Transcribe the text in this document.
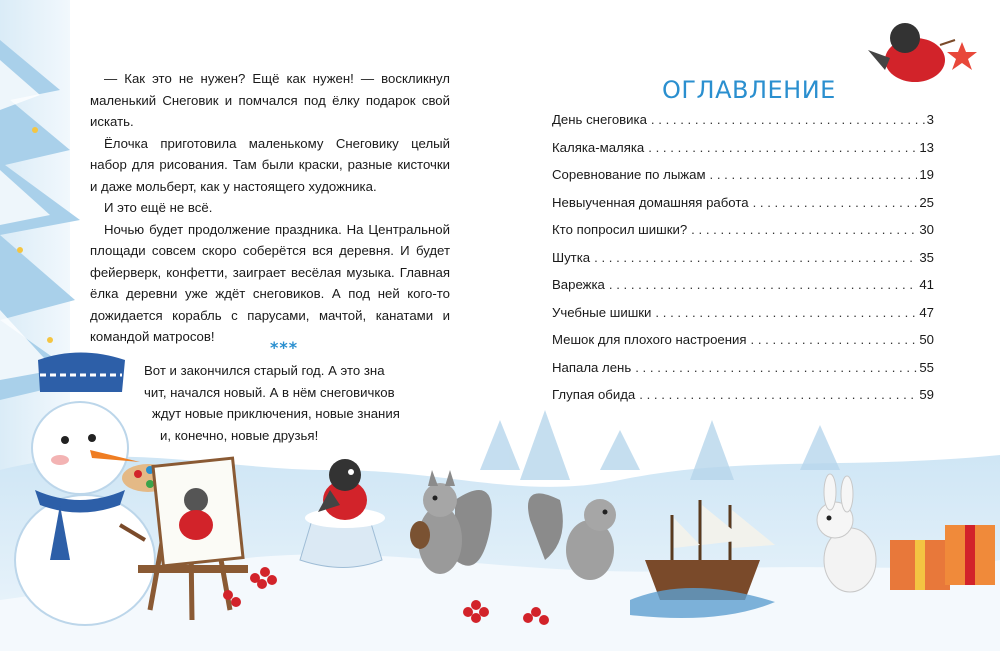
— Как это не нужен? Ещё как нужен! — воскликнул маленький Снеговик и помчался под ёлку подарок свой искать.

Ёлочка приготовила маленькому Снеговику целый набор для рисования. Там были краски, разные кисточки и даже мольберт, как у настоящего художника.

И это ещё не всё.

Ночью будет продолжение праздника. На Центральной площади совсем скоро соберётся вся деревня. И будет фейерверк, конфетти, заиграет весёлая музыка. Главная ёлка деревни уже ждёт снеговиков. А под ней кого-то дожидается корабль с парусами, мачтой, канатами и командой матросов!

***

Вот и закончился старый год. А это зна

чит, начался новый. А в нём снеговичков

ждут новые приключения, новые знания

и, конечно, новые друзья!

ОГЛАВЛЕНИЕ
День снеговика . . .	3
Каляка-маляка . . .	13
Соревнование по лыжам . . .	19
Невыученная домашняя работа . . .	25
Кто попросил шишки? . . .	30
Шутка . . .	35
Варежка . . .	41
Учебные шишки . . .	47
Мешок для плохого настроения . . .	50
Напала лень . . .	55
Глупая обида . . .	59
